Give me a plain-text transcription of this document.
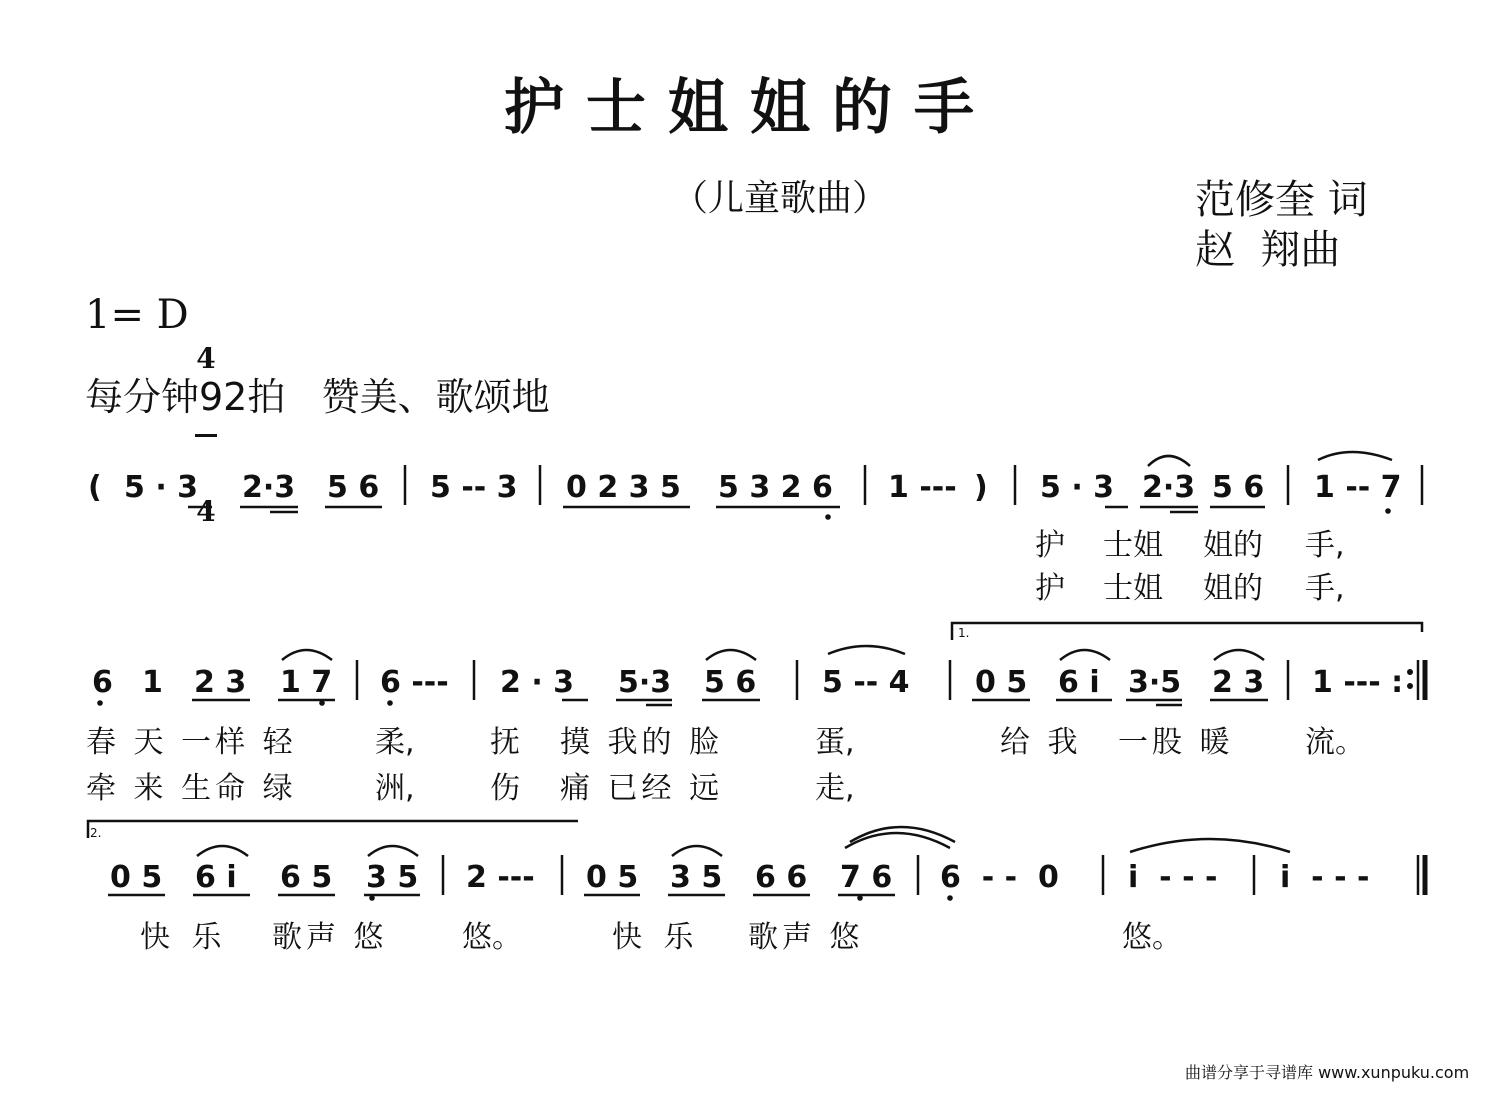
护士姐姐的手
（儿童歌曲）	范修奎 词
赵  翔曲
1= D

4

4

每分钟92拍   赞美、歌颂地
( 5 · 3 2·3 5 6 5 -- 3 0 2 3 5 5 3 2 6 1 --- ) 5 · 3 2·3 5 6 1 -- 7
护 士姐 姐的 手,
护 士姐 姐的 手,
1.
6 1 2 3 1 7 6 --- 2 · 3 5·3 5 6 5 -- 4 0 5 6 i 3·5 2 3 1 --- :
春 天 一样 轻	柔,	抚 摸 我的 脸	蛋,	给 我 一股 暖 流。
牵 来 生命 绿	洲,	伤 痛 已经 远	走,
2.
0 5 6 i 6 5 3 5 2 --- 0 5 3 5 6 6 7 6 6  - -  0 i  - - - i  - - -
快 乐 歌声 悠 悠。	快 乐 歌声 悠	悠。
曲谱分享于寻谱库 www.xunpuku.com
